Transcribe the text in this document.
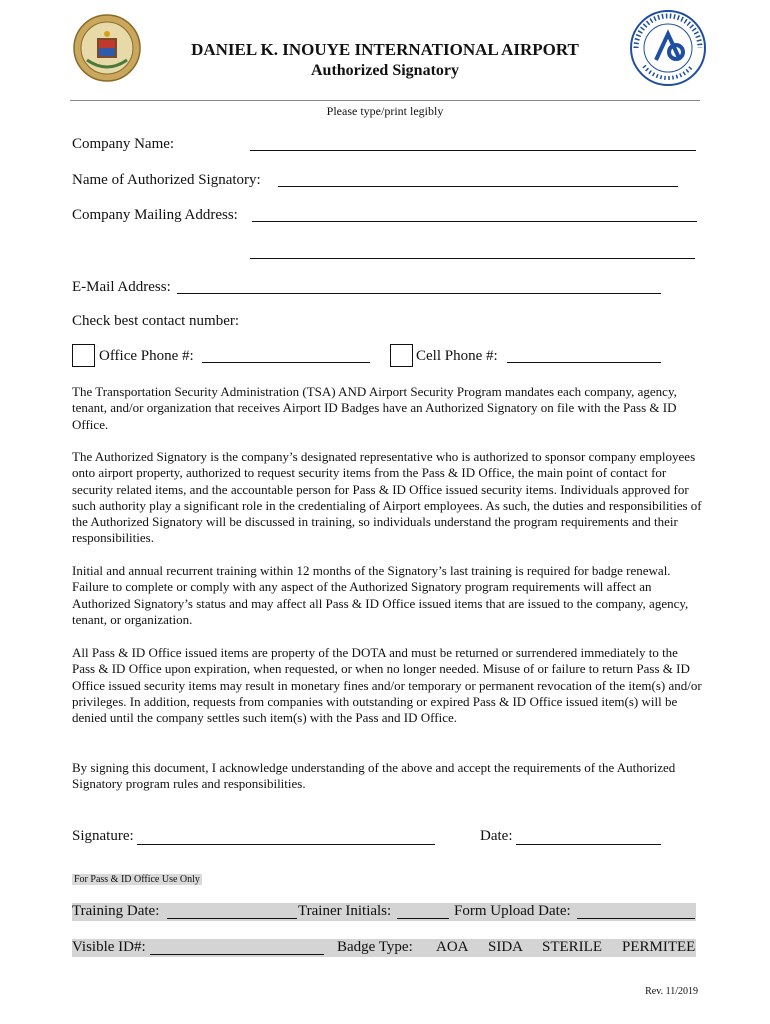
DANIEL K. INOUYE INTERNATIONAL AIRPORT
Authorized Signatory
Please type/print legibly
Company Name:
Name of Authorized Signatory:
Company Mailing Address:
E-Mail Address:
Check best contact number:
Office Phone #:	Cell Phone #:

The Transportation Security Administration (TSA) AND Airport Security Program mandates each company, agency, tenant, and/or organization that receives Airport ID Badges have an Authorized Signatory on file with the Pass & ID Office.

The Authorized Signatory is the company’s designated representative who is authorized to sponsor company employees onto airport property, authorized to request security items from the Pass & ID Office, the main point of contact for security related items, and the accountable person for Pass & ID Office issued security items. Individuals approved for such authority play a significant role in the credentialing of Airport employees. As such, the duties and responsibilities of the Authorized Signatory will be discussed in training, so individuals understand the program requirements and their responsibilities.

Initial and annual recurrent training within 12 months of the Signatory’s last training is required for badge renewal. Failure to complete or comply with any aspect of the Authorized Signatory program requirements will affect an Authorized Signatory’s status and may affect all Pass & ID Office issued items that are issued to the company, agency, tenant, or organization.

All Pass & ID Office issued items are property of the DOTA and must be returned or surrendered immediately to the Pass & ID Office upon expiration, when requested, or when no longer needed. Misuse of or failure to return Pass & ID Office issued security items may result in monetary fines and/or temporary or permanent revocation of the item(s) and/or privileges. In addition, requests from companies with outstanding or expired Pass & ID Office issued item(s) will be denied until the company settles such item(s) with the Pass and ID Office.

By signing this document, I acknowledge understanding of the above and accept the requirements of the Authorized Signatory program rules and responsibilities.

Signature:	Date:
For Pass & ID Office Use Only
Training Date:	Trainer Initials:	Form Upload Date:
Visible ID#:	Badge Type: AOA SIDA STERILE PERMITEE
Rev. 11/2019
